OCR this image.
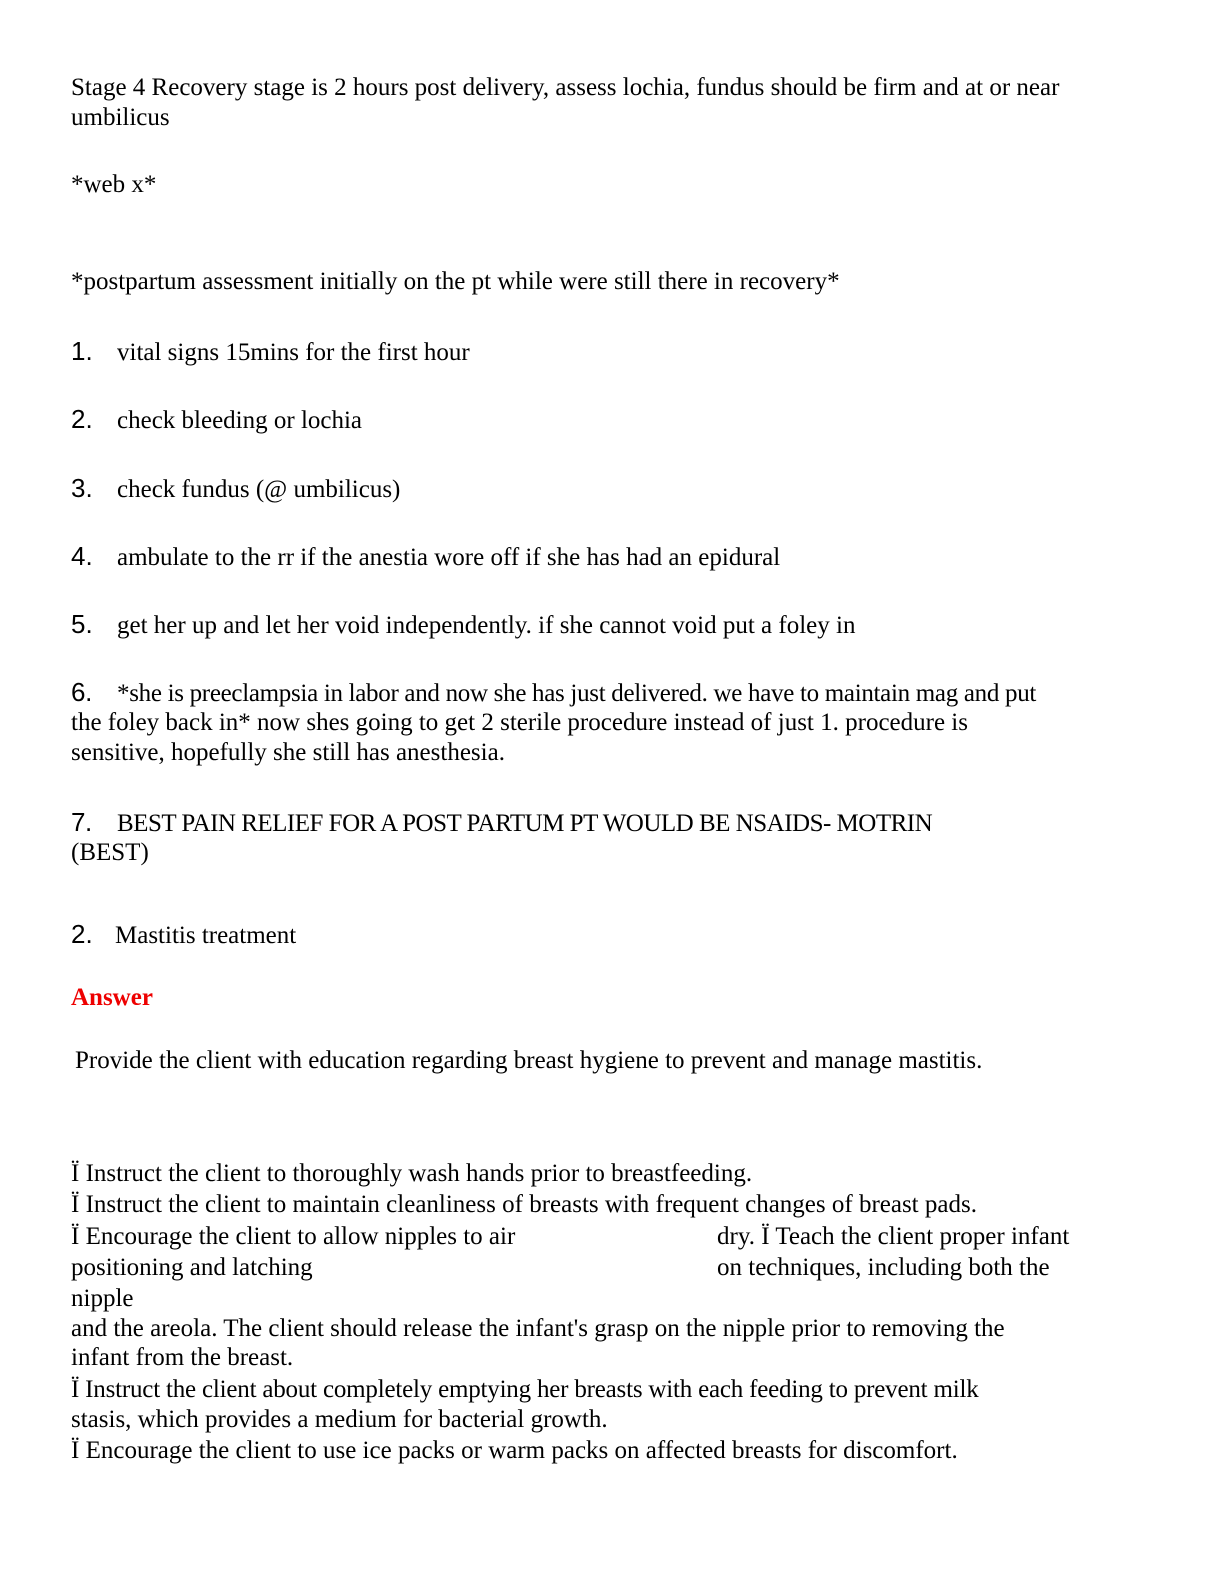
Stage 4 Recovery stage is 2 hours post delivery, assess lochia, fundus should be firm and at or near umbilicus
*web x*
*postpartum assessment initially on the pt while were still there in recovery*
1. vital signs 15mins for the first hour
2. check bleeding or lochia
3. check fundus (@ umbilicus)
4. ambulate to the rr if the anestia wore off if she has had an epidural
5. get her up and let her void independently. if she cannot void put a foley in
6. *she is preeclampsia in labor and now she has just delivered. we have to maintain mag and put
the foley back in* now shes going to get 2 sterile procedure instead of just 1. procedure is
sensitive, hopefully she still has anesthesia.
7. BEST PAIN RELIEF FOR A POST PARTUM PT WOULD BE NSAIDS- MOTRIN
(BEST)
2. Mastitis treatment
Answer
Provide the client with education regarding breast hygiene to prevent and manage mastitis.
Ï Instruct the client to thoroughly wash hands prior to breastfeeding.
Ï Instruct the client to maintain cleanliness of breasts with frequent changes of breast pads.
Ï Encourage the client to allow nipples to air	dry. Ï Teach the client proper infant
positioning and latching	on techniques, including both the
nipple
and the areola. The client should release the infant's grasp on the nipple prior to removing the
infant from the breast.
Ï Instruct the client about completely emptying her breasts with each feeding to prevent milk
stasis, which provides a medium for bacterial growth.
Ï Encourage the client to use ice packs or warm packs on affected breasts for discomfort.
